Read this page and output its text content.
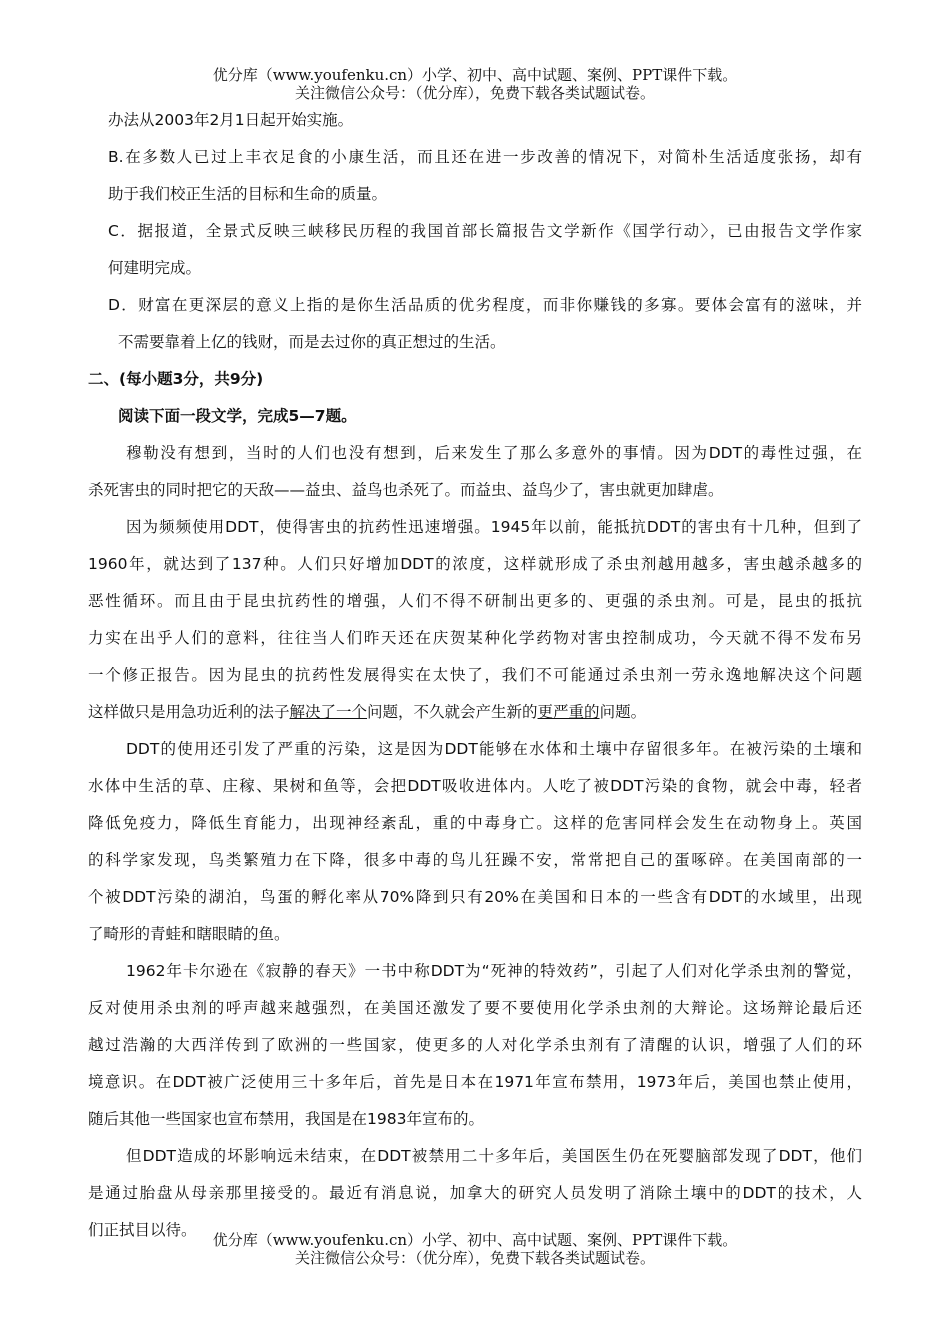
优分库（www.youfenku.cn）小学、初中、高中试题、案例、PPT课件下载。
关注微信公众号：（优分库），免费下载各类试题试卷。
办法从2003年2月1日起开始实施。
B.在多数人已过上丰衣足食的小康生活，而且还在进一步改善的情况下，对简朴生活适度张扬，却有
助于我们校正生活的目标和生命的质量。
C．据报道，全景式反映三峡移民历程的我国首部长篇报告文学新作《国学行动〉，已由报告文学作家
何建明完成。
D．财富在更深层的意义上指的是你生活品质的优劣程度，而非你赚钱的多寡。要体会富有的滋味，并
不需要靠着上亿的钱财，而是去过你的真正想过的生活。
二、(每小题3分，共9分)
阅读下面一段文学，完成5—7题。
穆勒没有想到，当时的人们也没有想到，后来发生了那么多意外的事情。因为DDT的毒性过强，在
杀死害虫的同时把它的天敌——益虫、益鸟也杀死了。而益虫、益鸟少了，害虫就更加肆虐。
因为频频使用DDT，使得害虫的抗药性迅速增强。1945年以前，能抵抗DDT的害虫有十几种，但到了
1960年，就达到了137种。人们只好增加DDT的浓度，这样就形成了杀虫剂越用越多，害虫越杀越多的
恶性循环。而且由于昆虫抗药性的增强，人们不得不研制出更多的、更强的杀虫剂。可是，昆虫的抵抗
力实在出乎人们的意料，往往当人们昨天还在庆贺某种化学药物对害虫控制成功，今天就不得不发布另
一个修正报告。因为昆虫的抗药性发展得实在太快了，我们不可能通过杀虫剂一劳永逸地解决这个问题
这样做只是用急功近利的法子解决了一个问题，不久就会产生新的更严重的问题。
DDT的使用还引发了严重的污染，这是因为DDT能够在水体和土壤中存留很多年。在被污染的土壤和
水体中生活的草、庄稼、果树和鱼等，会把DDT吸收进体内。人吃了被DDT污染的食物，就会中毒，轻者
降低免疫力，降低生育能力，出现神经紊乱，重的中毒身亡。这样的危害同样会发生在动物身上。英国
的科学家发现，鸟类繁殖力在下降，很多中毒的鸟儿狂躁不安，常常把自己的蛋啄碎。在美国南部的一
个被DDT污染的湖泊，鸟蛋的孵化率从70%降到只有20%在美国和日本的一些含有DDT的水域里，出现
了畸形的青蛙和瞎眼睛的鱼。
1962年卡尔逊在《寂静的春天》一书中称DDT为“死神的特效药”，引起了人们对化学杀虫剂的警觉，
反对使用杀虫剂的呼声越来越强烈，在美国还激发了要不要使用化学杀虫剂的大辩论。这场辩论最后还
越过浩瀚的大西洋传到了欧洲的一些国家，使更多的人对化学杀虫剂有了清醒的认识，增强了人们的环
境意识。在DDT被广泛使用三十多年后，首先是日本在1971年宣布禁用，1973年后，美国也禁止使用，
随后其他一些国家也宣布禁用，我国是在1983年宣布的。
但DDT造成的坏影响远未结束，在DDT被禁用二十多年后，美国医生仍在死婴脑部发现了DDT，他们
是通过胎盘从母亲那里接受的。最近有消息说，加拿大的研究人员发明了消除土壤中的DDT的技术，人
们正拭目以待。
优分库（www.youfenku.cn）小学、初中、高中试题、案例、PPT课件下载。
关注微信公众号：（优分库），免费下载各类试题试卷。
